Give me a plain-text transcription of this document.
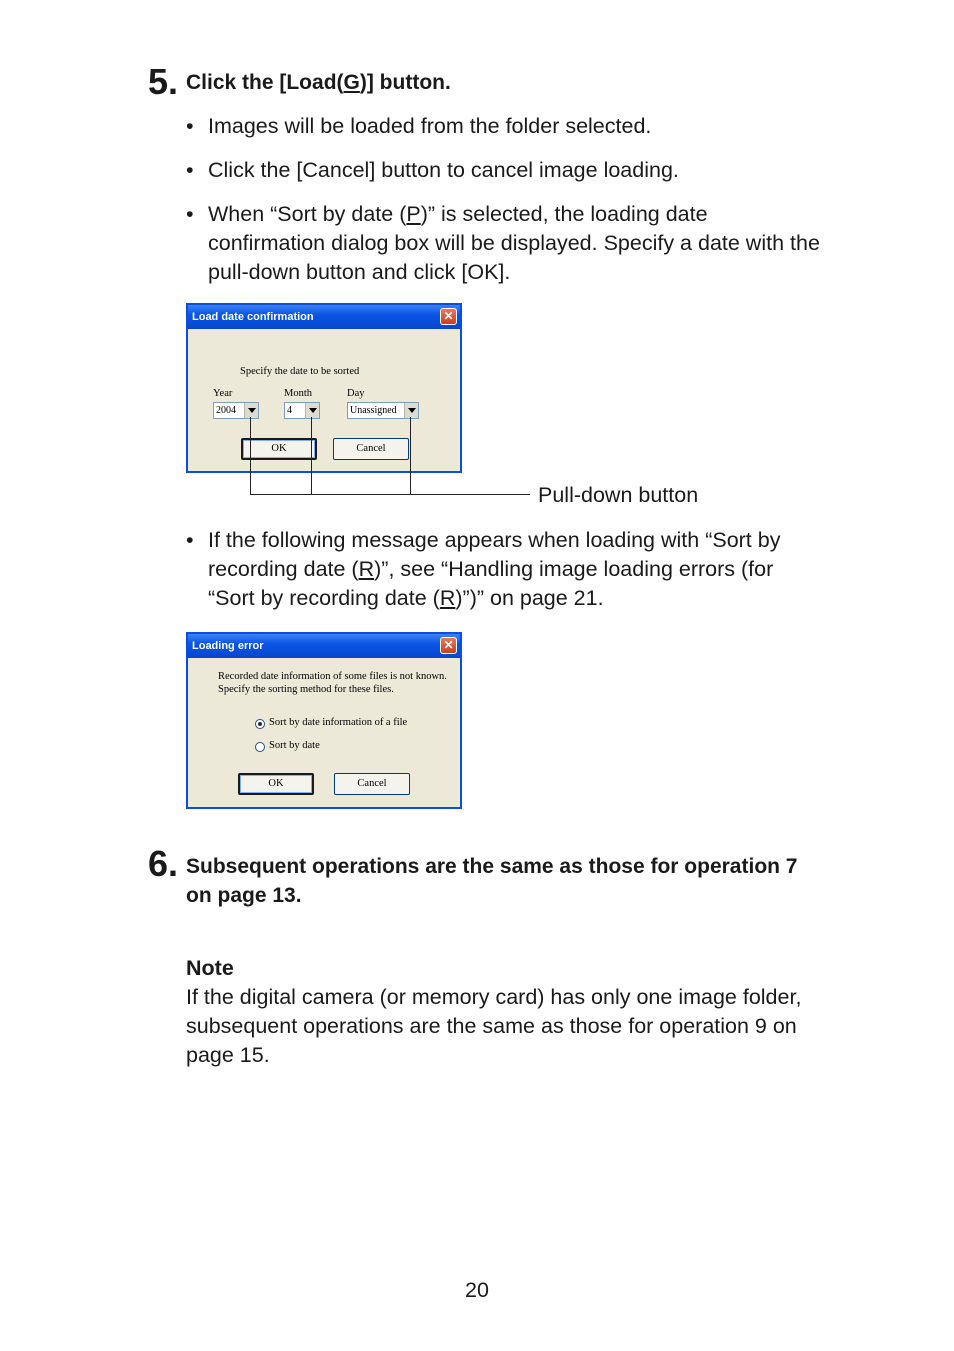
5. Click the [Load(G)] button.
• Images will be loaded from the folder selected.
• Click the [Cancel] button to cancel image loading.
• When “Sort by date (P)” is selected, the loading date
confirmation dialog box will be displayed. Specify a date with the
pull-down button and click [OK].
Load date confirmation	✕
Specify the date to be sorted
Year	Month	Day
2004	4	Unassigned
OK	Cancel
Pull-down button
• If the following message appears when loading with “Sort by
recording date (R)”, see “Handling image loading errors (for
“Sort by recording date (R)”)” on page 21.
Loading error	✕
Recorded date information of some files is not known.
Specify the sorting method for these files.
Sort by date information of a file
Sort by date
OK	Cancel
6. Subsequent operations are the same as those for operation 7
on page 13.
Note
If the digital camera (or memory card) has only one image folder,
subsequent operations are the same as those for operation 9 on
page 15.
20
